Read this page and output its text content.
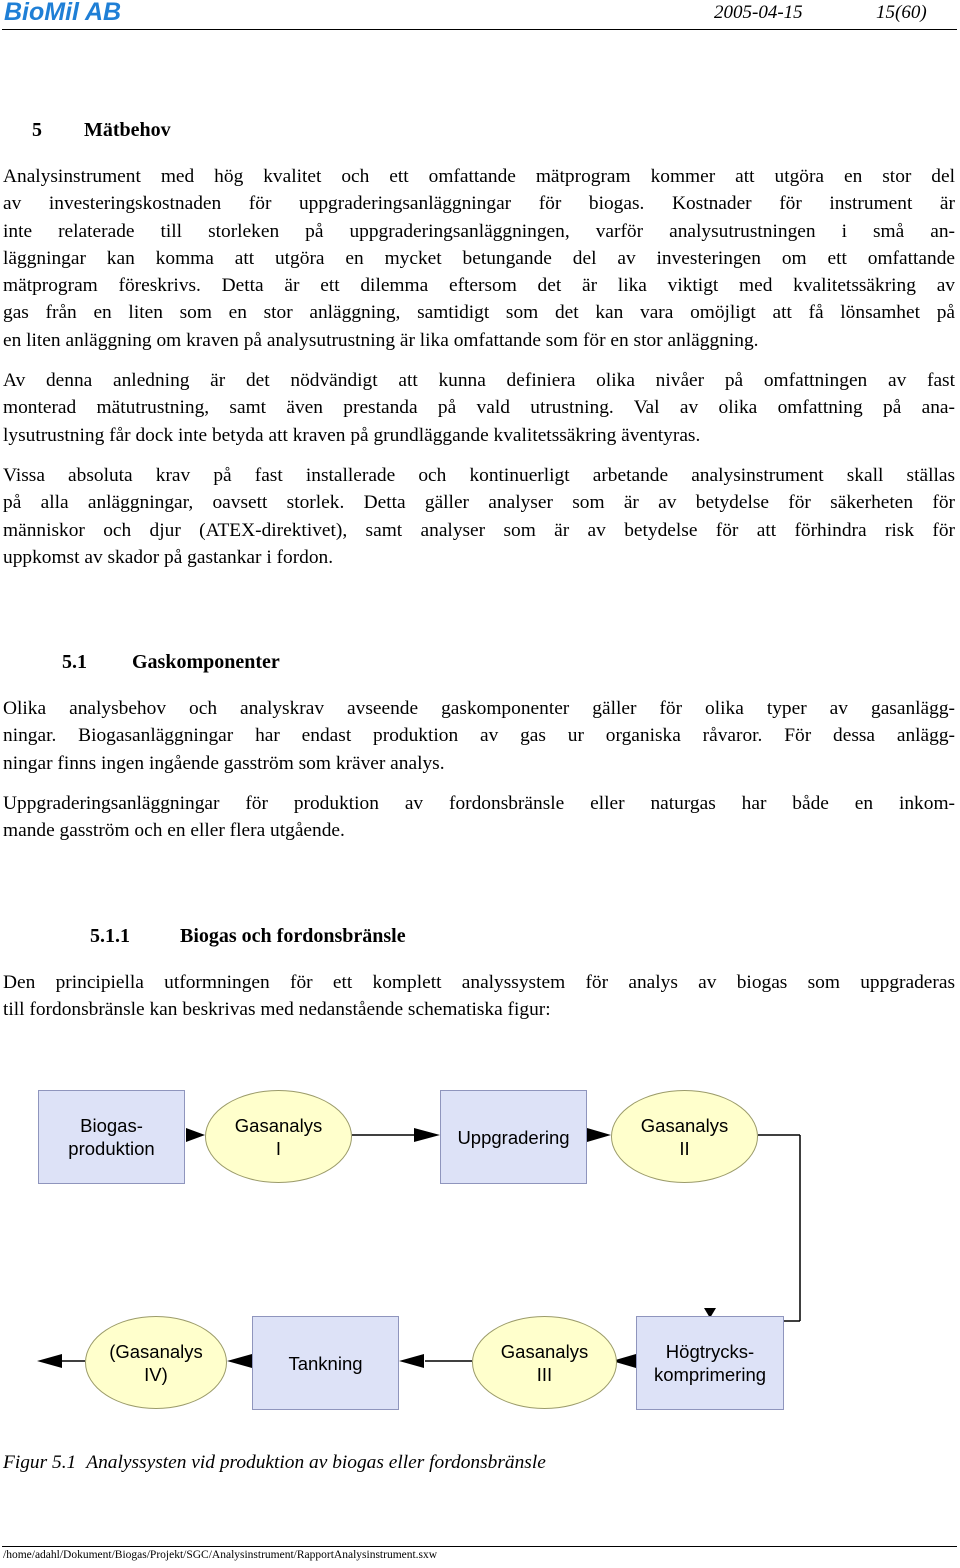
BioMil AB	2005-04-15	15(60)
5 Mätbehov
Analysinstrument med hög kvalitet och ett omfattande mätprogram kommer att utgöra en stor del
av investeringskostnaden för uppgraderingsanläggningar för biogas. Kostnader för instrument är
inte relaterade till storleken på uppgraderingsanläggningen, varför analysutrustningen i små an-
läggningar kan komma att utgöra en mycket betungande del av investeringen om ett omfattande
mätprogram föreskrivs. Detta är ett dilemma eftersom det är lika viktigt med kvalitetssäkring av
gas från en liten som en stor anläggning, samtidigt som det kan vara omöjligt att få lönsamhet på
en liten anläggning om kraven på analysutrustning är lika omfattande som för en stor anläggning.
Av denna anledning är det nödvändigt att kunna definiera olika nivåer på omfattningen av fast
monterad mätutrustning, samt även prestanda på vald utrustning. Val av olika omfattning på ana-
lysutrustning får dock inte betyda att kraven på grundläggande kvalitetssäkring äventyras.
Vissa absoluta krav på fast installerade och kontinuerligt arbetande analysinstrument skall ställas
på alla anläggningar, oavsett storlek. Detta gäller analyser som är av betydelse för säkerheten för
människor och djur (ATEX-direktivet), samt analyser som är av betydelse för att förhindra risk för
uppkomst av skador på gastankar i fordon.
5.1 Gaskomponenter
Olika analysbehov och analyskrav avseende gaskomponenter gäller för olika typer av gasanlägg-
ningar. Biogasanläggningar har endast produktion av gas ur organiska råvaror. För dessa anlägg-
ningar finns ingen ingående gasström som kräver analys.
Uppgraderingsanläggningar för produktion av fordonsbränsle eller naturgas har både en inkom-
mande gasström och en eller flera utgående.
5.1.1	Biogas och fordonsbränsle
Den principiella utformningen för ett komplett analyssystem för analys av biogas som uppgraderas
till fordonsbränsle kan beskrivas med nedanstående schematiska figur:
Biogas-
produktion
Gasanalys
I
Uppgradering
Gasanalys
II
Högtrycks-
komprimering
Gasanalys
III
Tankning
(Gasanalys
IV)
Figur 5.1 Analyssysten vid produktion av biogas eller fordonsbränsle
/home/adahl/Dokument/Biogas/Projekt/SGC/Analysinstrument/RapportAnalysinstrument.sxw
